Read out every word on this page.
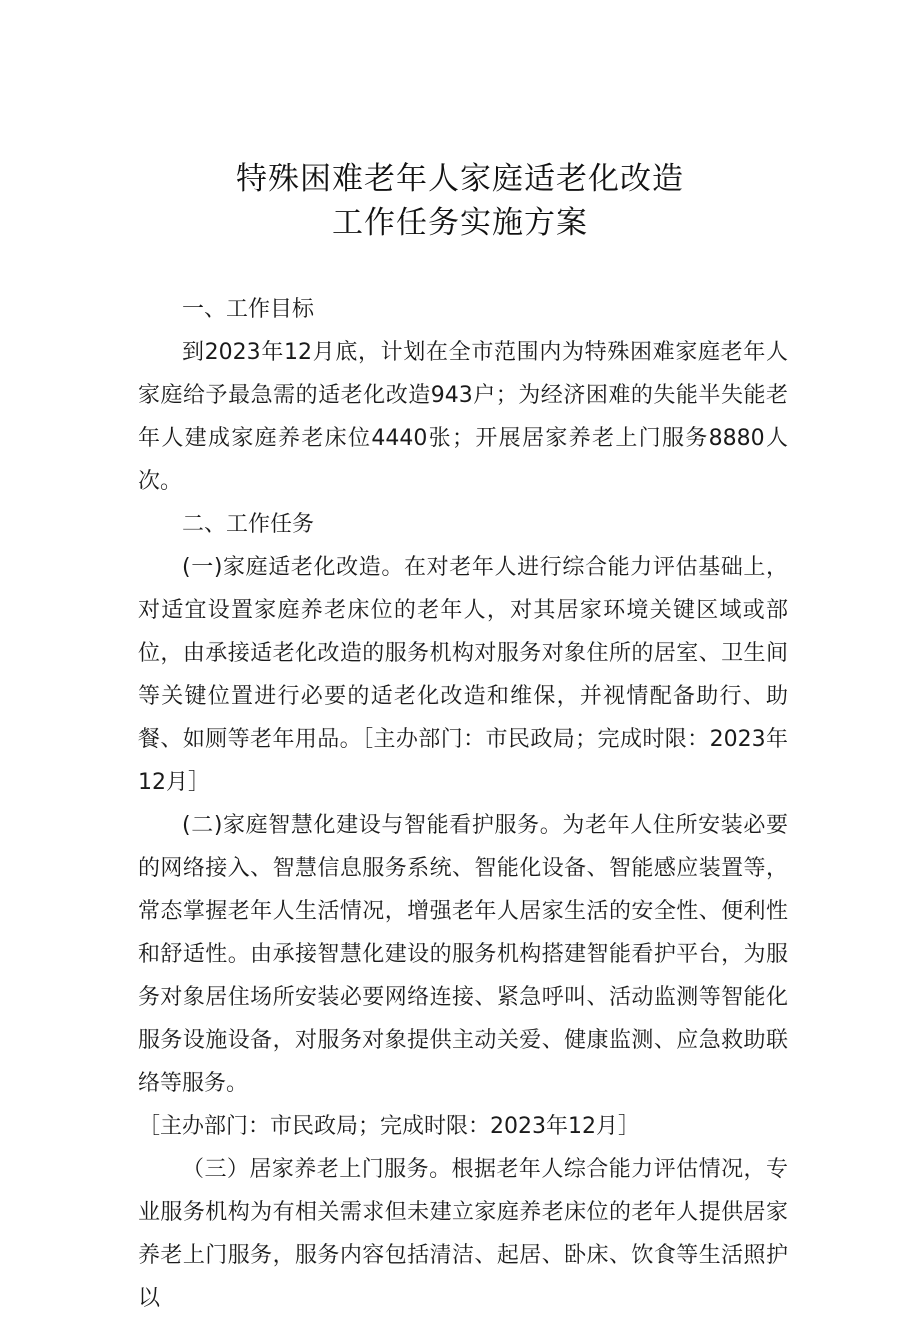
特殊困难老年人家庭适老化改造
工作任务实施方案

一、工作目标

到2023年12月底，计划在全市范围内为特殊困难家庭老年人家庭给予最急需的适老化改造943户；为经济困难的失能半失能老年人建成家庭养老床位4440张；开展居家养老上门服务8880人次。

二、工作任务

(一)家庭适老化改造。在对老年人进行综合能力评估基础上，对适宜设置家庭养老床位的老年人，对其居家环境关键区域或部位，由承接适老化改造的服务机构对服务对象住所的居室、卫生间等关键位置进行必要的适老化改造和维保，并视情配备助行、助餐、如厕等老年用品。［主办部门：市民政局；完成时限：2023年12月］

(二)家庭智慧化建设与智能看护服务。为老年人住所安装必要的网络接入、智慧信息服务系统、智能化设备、智能感应装置等，常态掌握老年人生活情况，增强老年人居家生活的安全性、便利性和舒适性。由承接智慧化建设的服务机构搭建智能看护平台，为服务对象居住场所安装必要网络连接、紧急呼叫、活动监测等智能化服务设施设备，对服务对象提供主动关爱、健康监测、应急救助联络等服务。
［主办部门：市民政局；完成时限：2023年12月］

（三）居家养老上门服务。根据老年人综合能力评估情况，专业服务机构为有相关需求但未建立家庭养老床位的老年人提供居家养老上门服务，服务内容包括清洁、起居、卧床、饮食等生活照护以
